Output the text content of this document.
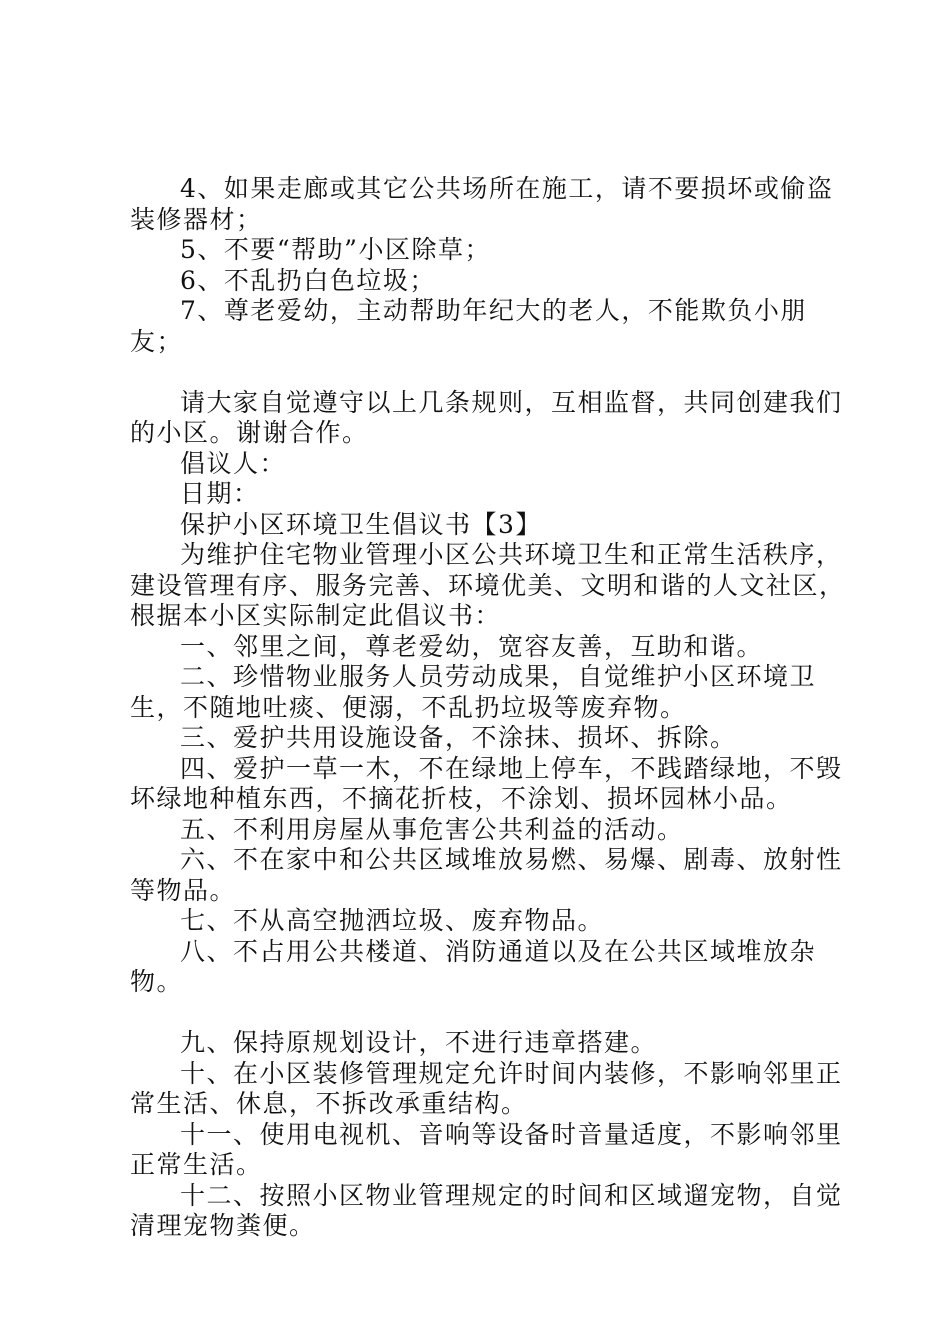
4、如果走廊或其它公共场所在施工，请不要损坏或偷盗装修器材；

5、不要“帮助”小区除草；

6、不乱扔白色垃圾；

7、尊老爱幼，主动帮助年纪大的老人，不能欺负小朋友；

请大家自觉遵守以上几条规则，互相监督，共同创建我们的小区。谢谢合作。

倡议人：

日期：

保护小区环境卫生倡议书【3】

为维护住宅物业管理小区公共环境卫生和正常生活秩序，建设管理有序、服务完善、环境优美、文明和谐的人文社区，根据本小区实际制定此倡议书：

一、邻里之间，尊老爱幼，宽容友善，互助和谐。

二、珍惜物业服务人员劳动成果，自觉维护小区环境卫生，不随地吐痰、便溺，不乱扔垃圾等废弃物。

三、爱护共用设施设备，不涂抹、损坏、拆除。

四、爱护一草一木，不在绿地上停车，不践踏绿地，不毁坏绿地种植东西，不摘花折枝，不涂划、损坏园林小品。

五、不利用房屋从事危害公共利益的活动。

六、不在家中和公共区域堆放易燃、易爆、剧毒、放射性等物品。

七、不从高空抛洒垃圾、废弃物品。

八、不占用公共楼道、消防通道以及在公共区域堆放杂物。

九、保持原规划设计，不进行违章搭建。

十、在小区装修管理规定允许时间内装修，不影响邻里正常生活、休息，不拆改承重结构。

十一、使用电视机、音响等设备时音量适度，不影响邻里正常生活。

十二、按照小区物业管理规定的时间和区域遛宠物，自觉清理宠物粪便。
